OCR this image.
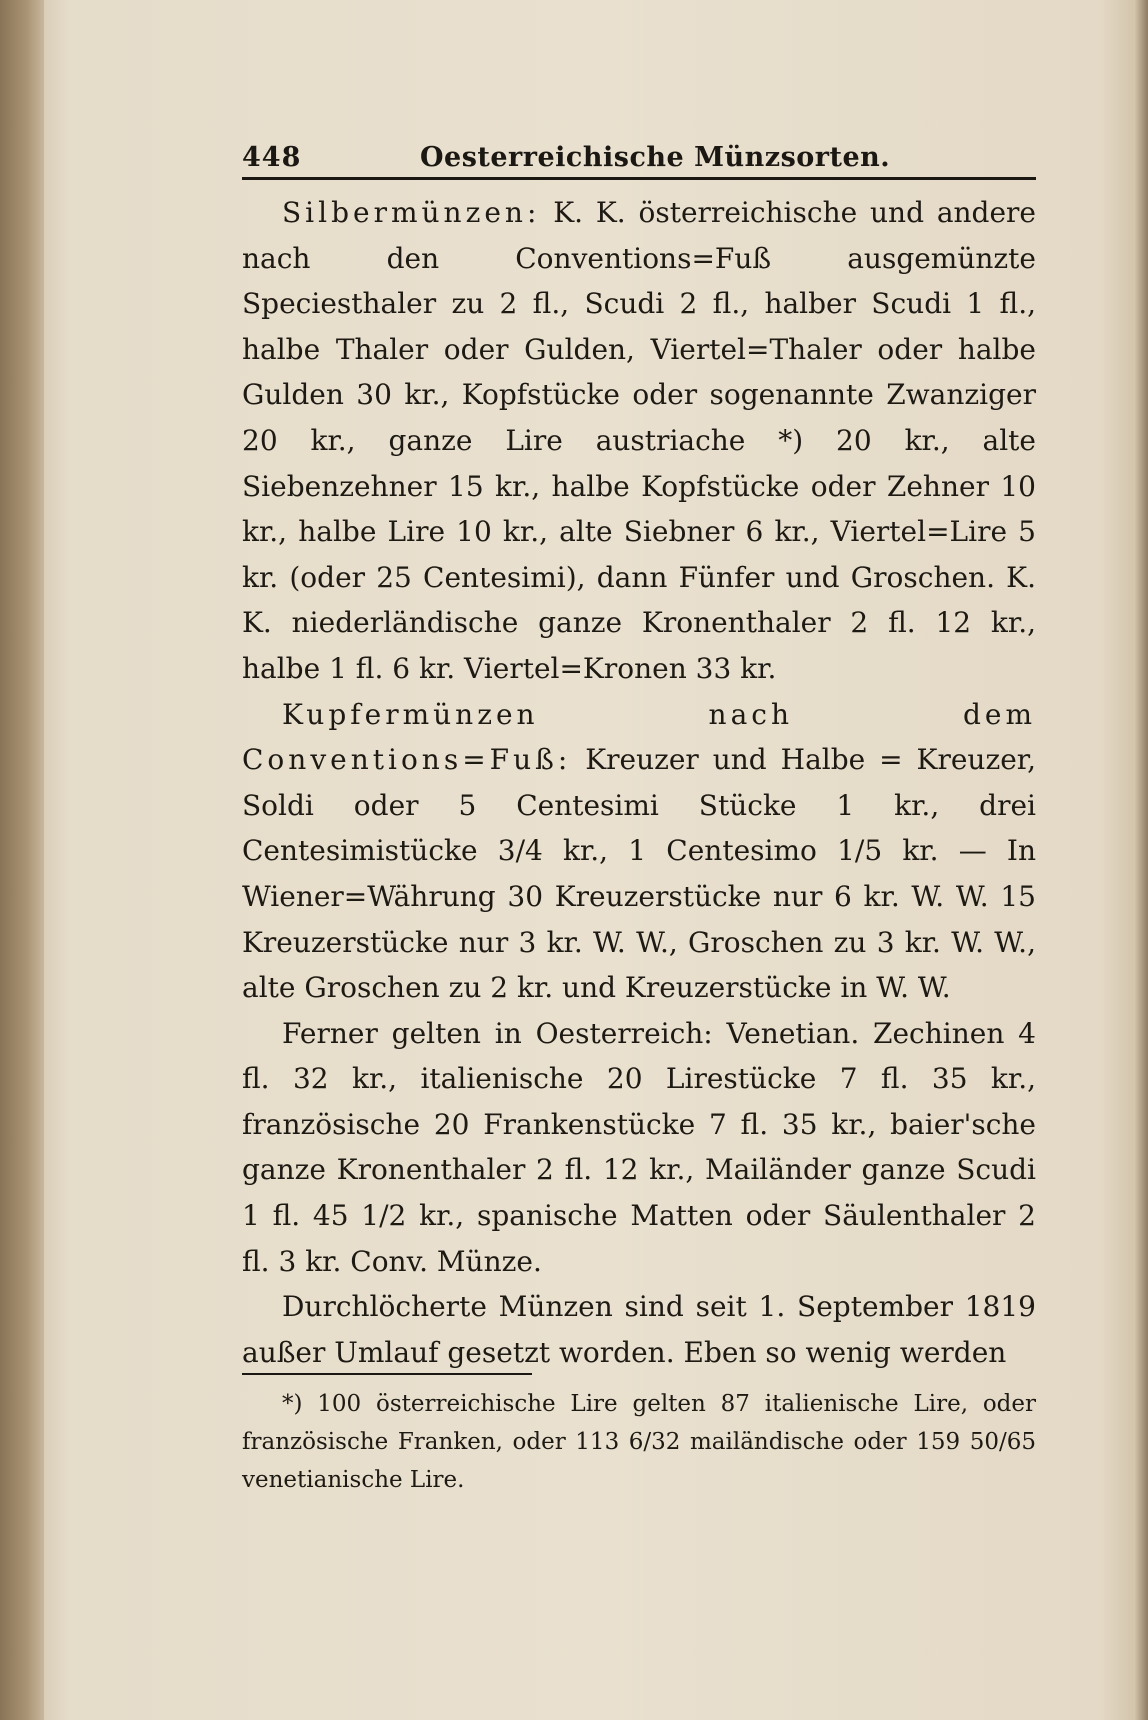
448	Oesterreichische Münzsorten.

Silbermünzen: K. K. österreichische und andere nach den Conventions=Fuß ausgemünzte Speciesthaler zu 2 fl., Scudi 2 fl., halber Scudi 1 fl., halbe Thaler oder Gulden, Viertel=Thaler oder halbe Gulden 30 kr., Kopfstücke oder sogenannte Zwanziger 20 kr., ganze Lire austriache *) 20 kr., alte Siebenzehner 15 kr., halbe Kopfstücke oder Zehner 10 kr., halbe Lire 10 kr., alte Siebner 6 kr., Viertel=Lire 5 kr. (oder 25 Centesimi), dann Fünfer und Groschen. K. K. niederländische ganze Kronenthaler 2 fl. 12 kr., halbe 1 fl. 6 kr. Viertel=Kronen 33 kr.

Kupfermünzen nach dem Conventions=Fuß: Kreuzer und Halbe = Kreuzer, Soldi oder 5 Centesimi Stücke 1 kr., drei Centesimistücke 3/4 kr., 1 Centesimo 1/5 kr. — In Wiener=Währung 30 Kreuzerstücke nur 6 kr. W. W. 15 Kreuzerstücke nur 3 kr. W. W., Groschen zu 3 kr. W. W., alte Groschen zu 2 kr. und Kreuzerstücke in W. W.

Ferner gelten in Oesterreich: Venetian. Zechinen 4 fl. 32 kr., italienische 20 Lirestücke 7 fl. 35 kr., französische 20 Frankenstücke 7 fl. 35 kr., baier'sche ganze Kronenthaler 2 fl. 12 kr., Mailänder ganze Scudi 1 fl. 45 1/2 kr., spanische Matten oder Säulenthaler 2 fl. 3 kr. Conv. Münze.

Durchlöcherte Münzen sind seit 1. September 1819 außer Umlauf gesetzt worden. Eben so wenig werden

*) 100 österreichische Lire gelten 87 italienische Lire, oder französische Franken, oder 113 6/32 mailändische oder 159 50/65 venetianische Lire.
